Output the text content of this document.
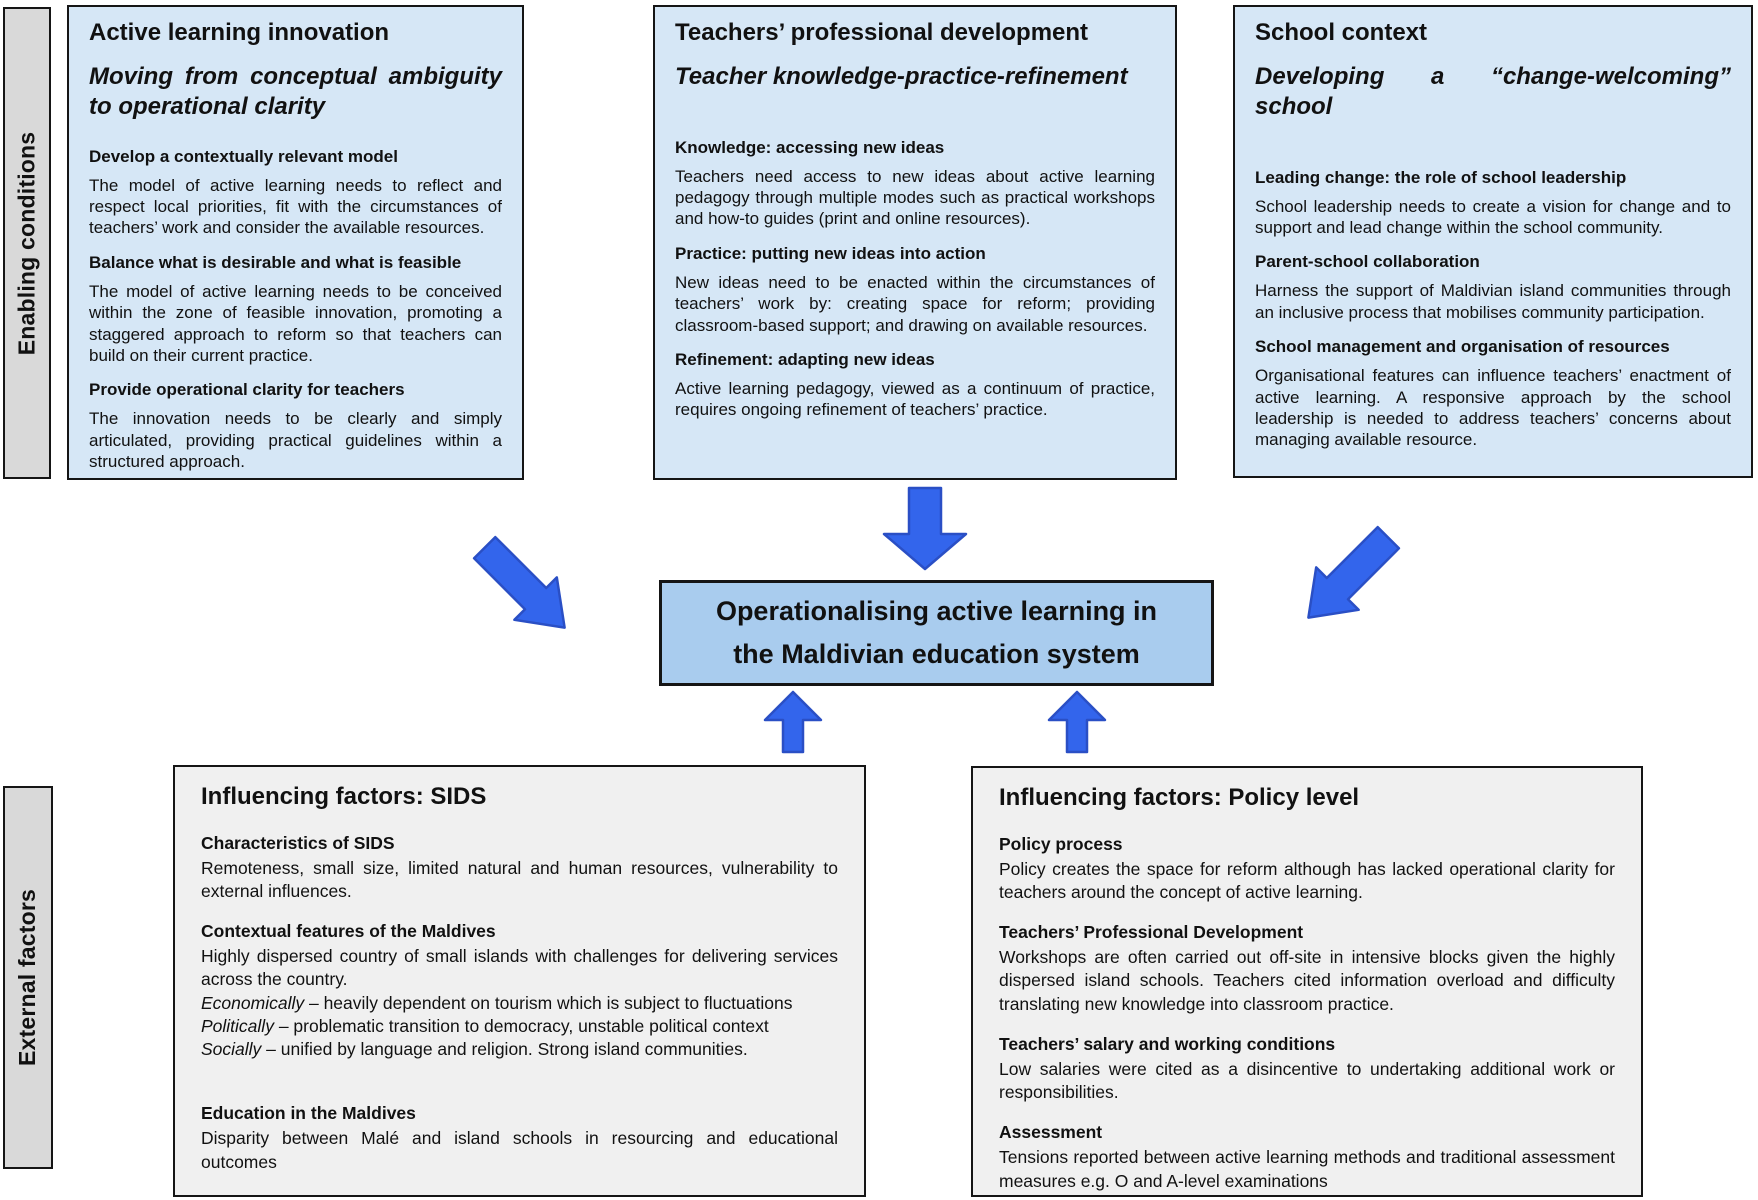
Enabling conditions
External factors
Active learning innovation
Moving from conceptual ambiguity to operational clarity
Develop a contextually relevant model
The model of active learning needs to reflect and respect local priorities, fit with the circumstances of teachers’ work and consider the available resources.
Balance what is desirable and what is feasible
The model of active learning needs to be conceived within the zone of feasible innovation, promoting a staggered approach to reform so that teachers can build on their current practice.
Provide operational clarity for teachers
The innovation needs to be clearly and simply articulated, providing practical guidelines within a structured approach.
Teachers’ professional development
Teacher knowledge-practice-refinement
Knowledge: accessing new ideas
Teachers need access to new ideas about active learning pedagogy through multiple modes such as practical workshops and how-to guides (print and online resources).
Practice: putting new ideas into action
New ideas need to be enacted within the circumstances of teachers’ work by: creating space for reform; providing classroom-based support; and drawing on available resources.
Refinement: adapting new ideas
Active learning pedagogy, viewed as a continuum of practice, requires ongoing refinement of teachers’ practice.
School context
Developing a “change-welcoming” school
Leading change: the role of school leadership
School leadership needs to create a vision for change and to support and lead change within the school community.
Parent-school collaboration
Harness the support of Maldivian island communities through an inclusive process that mobilises community participation.
School management and organisation of resources
Organisational features can influence teachers’ enactment of active learning. A responsive approach by the school leadership is needed to address teachers’ concerns about managing available resource.
Operationalising active learning in the Maldivian education system
Influencing factors: SIDS
Characteristics of SIDS
Remoteness, small size, limited natural and human resources, vulnerability to external influences.
Contextual features of the Maldives
Highly dispersed country of small islands with challenges for delivering services across the country.
Economically – heavily dependent on tourism which is subject to fluctuations
Politically – problematic transition to democracy, unstable political context
Socially – unified by language and religion. Strong island communities.
Education in the Maldives
Disparity between Malé and island schools in resourcing and educational outcomes
Influencing factors: Policy level
Policy process
Policy creates the space for reform although has lacked operational clarity for teachers around the concept of active learning.
Teachers’ Professional Development
Workshops are often carried out off-site in intensive blocks given the highly dispersed island schools. Teachers cited information overload and difficulty translating new knowledge into classroom practice.
Teachers’ salary and working conditions
Low salaries were cited as a disincentive to undertaking additional work or responsibilities.
Assessment
Tensions reported between active learning methods and traditional assessment measures e.g. O and A-level examinations
